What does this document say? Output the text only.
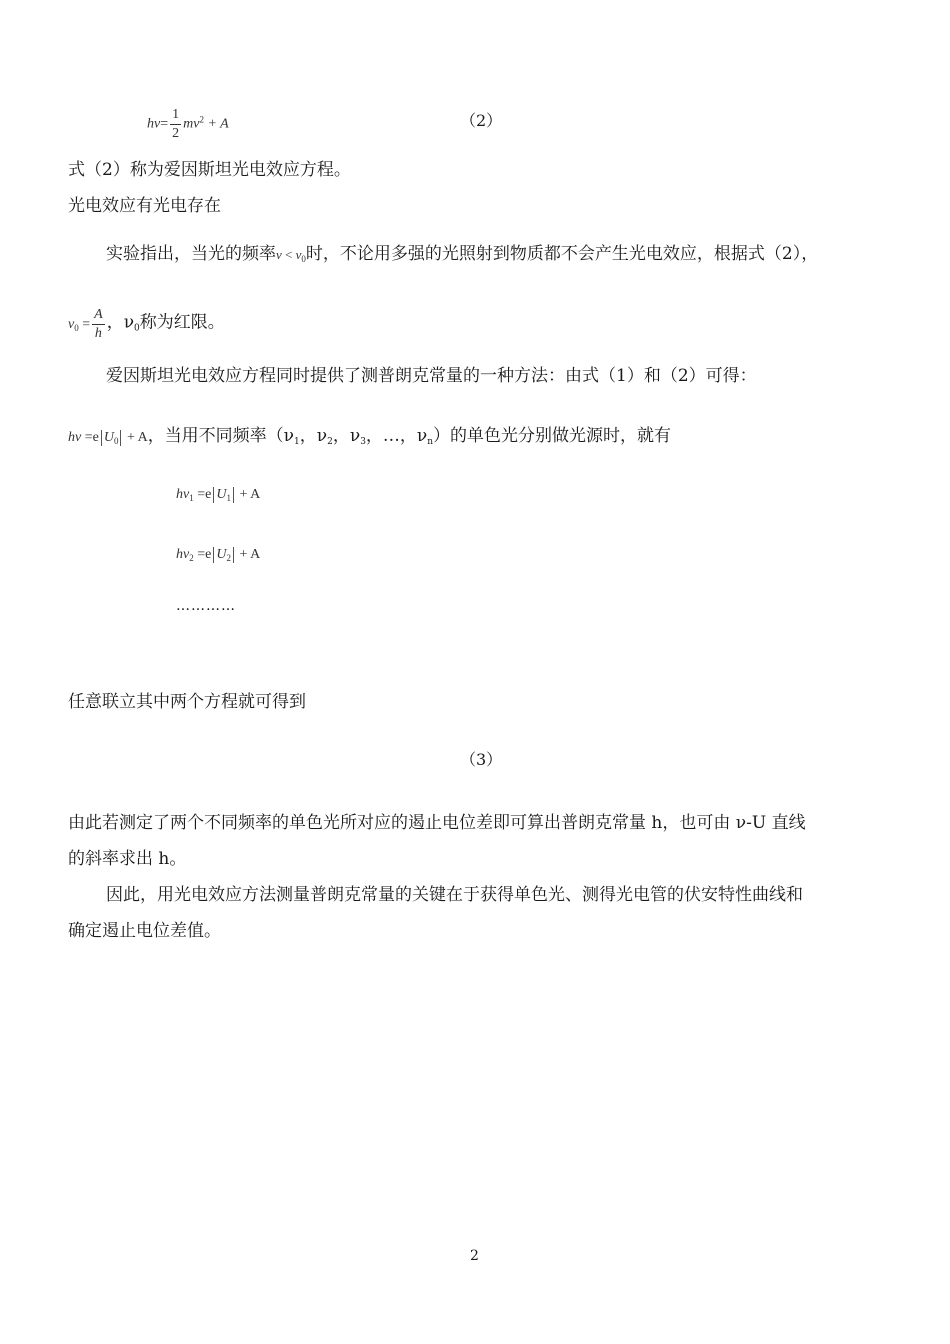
$h\nu= \frac{1}{2} mv^2 + A$	（2）
式（2）称为爱因斯坦光电效应方程。
光电效应有光电存在
实验指出，当光的频率$\nu < \nu_0$时，不论用多强的光照射到物质都不会产生光电效应，根据式（2），
$\nu_0 = \frac{A}{h}$ ，$\nu_0$称为红限。
爱因斯坦光电效应方程同时提供了测普朗克常量的一种方法：由式（1）和（2）可得：
hν =e $U_0 + A$，当用不同频率（$\nu_1$，$\nu_2$，$\nu_3$，…，$\nu_n$）的单色光分别做光源时，就有
$h\nu_1 =e$ $U_1 + A$
$h\nu_2 =e$ $U_2 + A$
…………
任意联立其中两个方程就可得到
（3）
由此若测定了两个不同频率的单色光所对应的遏止电位差即可算出普朗克常量 h，也可由 ν-U 直线
的斜率求出 h。
因此，用光电效应方法测量普朗克常量的关键在于获得单色光、测得光电管的伏安特性曲线和
确定遏止电位差值。
2
